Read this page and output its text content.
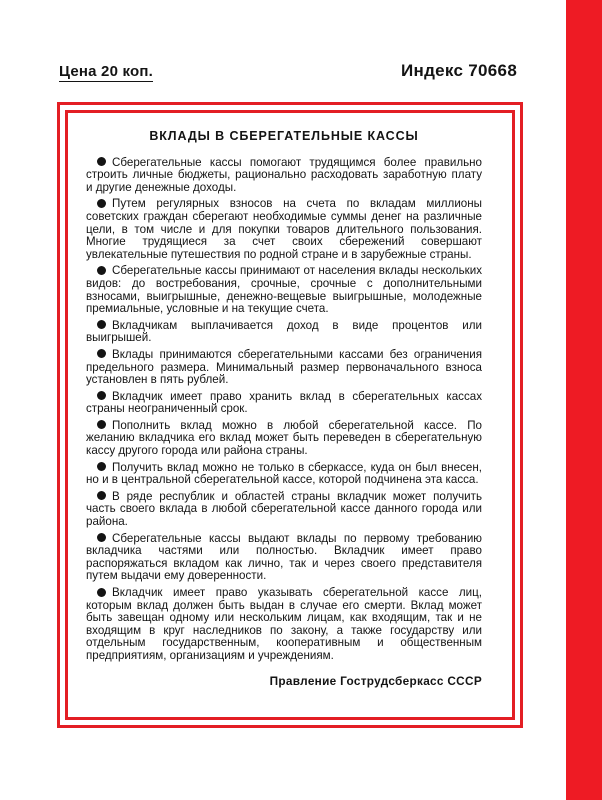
Цена 20 коп.	Индекс 70668
ВКЛАДЫ В СБЕРЕГАТЕЛЬНЫЕ КАССЫ

Сберегательные кассы помогают трудящимся более правильно строить личные бюджеты, рационально расходовать заработную плату и другие денежные доходы.

Путем регулярных взносов на счета по вкладам миллионы советских граждан сберегают необходимые суммы денег на различные цели, в том числе и для покупки товаров длительного пользования. Многие трудящиеся за счет своих сбережений совершают увлекательные путешествия по родной стране и в зарубежные страны.

Сберегательные кассы принимают от населения вклады нескольких видов: до востребования, срочные, срочные с дополнительными взносами, выигрышные, денежно-вещевые выигрышные, молодежные премиальные, условные и на текущие счета.

Вкладчикам выплачивается доход в виде процентов или выигрышей.

Вклады принимаются сберегательными кассами без ограничения предельного размера. Минимальный размер первоначального взноса установлен в пять рублей.

Вкладчик имеет право хранить вклад в сберегательных кассах страны неограниченный срок.

Пополнить вклад можно в любой сберегательной кассе. По желанию вкладчика его вклад может быть переведен в сберегательную кассу другого города или района страны.

Получить вклад можно не только в сберкассе, куда он был внесен, но и в центральной сберегательной кассе, которой подчинена эта касса.

В ряде республик и областей страны вкладчик может получить часть своего вклада в любой сберегательной кассе данного города или района.

Сберегательные кассы выдают вклады по первому требованию вкладчика частями или полностью. Вкладчик имеет право распоряжаться вкладом как лично, так и через своего представителя путем выдачи ему доверенности.

Вкладчик имеет право указывать сберегательной кассе лиц, которым вклад должен быть выдан в случае его смерти. Вклад может быть завещан одному или нескольким лицам, как входящим, так и не входящим в круг наследников по закону, а также государству или отдельным государственным, кооперативным и общественным предприятиям, организациям и учреждениям.

Правление Гострудсберкасс СССР
